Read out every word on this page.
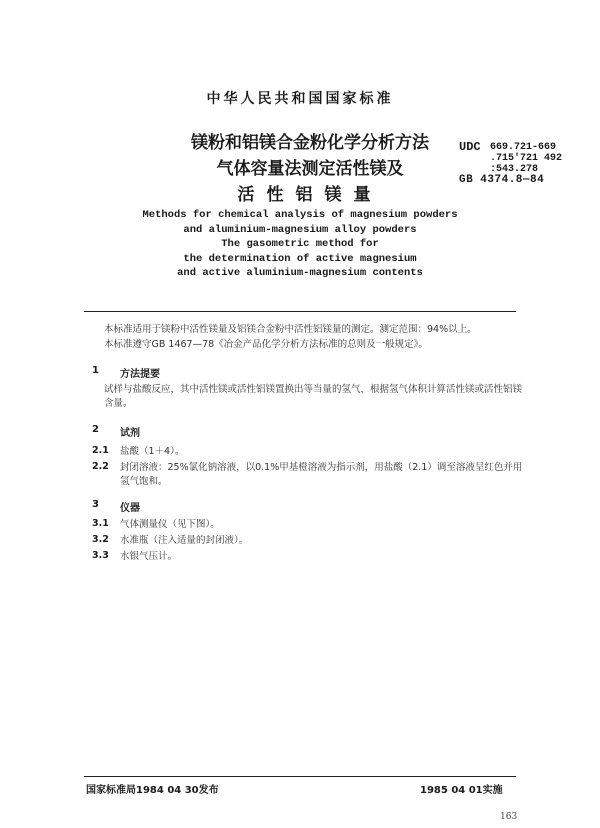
中华人民共和国国家标准
镁粉和铝镁合金粉化学分析方法
气体容量法测定活性镁及
活性铝镁量
UDC 669.721-669
.715'721 492
:543.278
GB 4374.8—84
Methods for chemical analysis of magnesium powders
and aluminium-magnesium alloy powders
The gasometric method for
the determination of active magnesium
and active aluminium-magnesium contents
本标准适用于镁粉中活性镁量及铝镁合金粉中活性铝镁量的测定。测定范围：94%以上。
本标准遵守GB 1467—78《冶金产品化学分析方法标准的总则及一般规定》。
1 方法提要
试样与盐酸反应，其中活性镁或活性铝镁置换出等当量的氢气，根据氢气体积计算活性镁或活性铝镁含量。
2 试剂
2.1 盐酸（1＋4）。
2.2 封闭溶液：25%氯化钠溶液，以0.1%甲基橙溶液为指示剂，用盐酸（2.1）调至溶液呈红色并用氢气饱和。
3 仪器
3.1 气体测量仪（见下图）。
3.2 水准瓶（注入适量的封闭液）。
3.3 水银气压计。
国家标准局1984 04 30发布	1985 04 01实施
163
